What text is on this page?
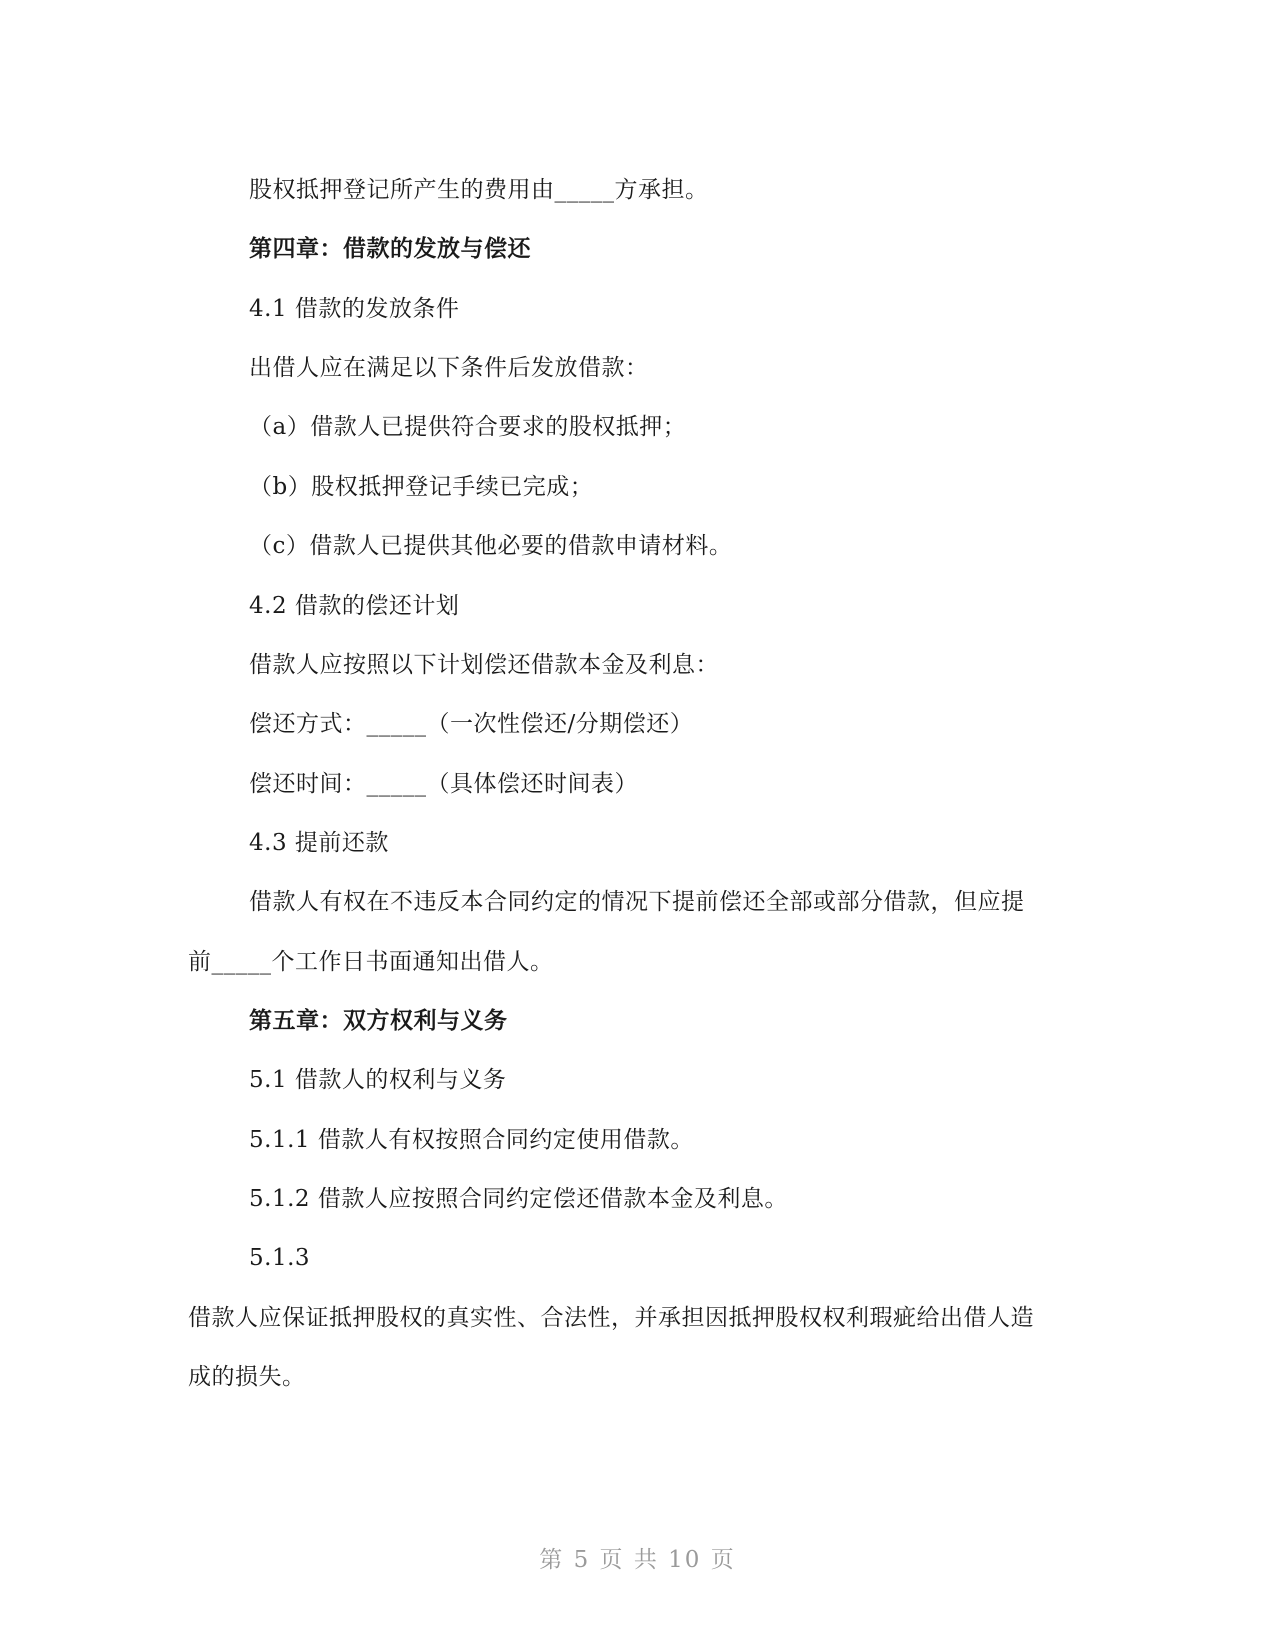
股权抵押登记所产生的费用由_____方承担。
第四章：借款的发放与偿还
4.1 借款的发放条件
出借人应在满足以下条件后发放借款：
（a）借款人已提供符合要求的股权抵押；
（b）股权抵押登记手续已完成；
（c）借款人已提供其他必要的借款申请材料。
4.2 借款的偿还计划
借款人应按照以下计划偿还借款本金及利息：
偿还方式：_____（一次性偿还/分期偿还）
偿还时间：_____（具体偿还时间表）
4.3 提前还款
借款人有权在不违反本合同约定的情况下提前偿还全部或部分借款，但应提
前_____个工作日书面通知出借人。
第五章：双方权利与义务
5.1 借款人的权利与义务
5.1.1 借款人有权按照合同约定使用借款。
5.1.2 借款人应按照合同约定偿还借款本金及利息。
5.1.3
借款人应保证抵押股权的真实性、合法性，并承担因抵押股权权利瑕疵给出借人造
成的损失。
第 5 页 共 10 页
